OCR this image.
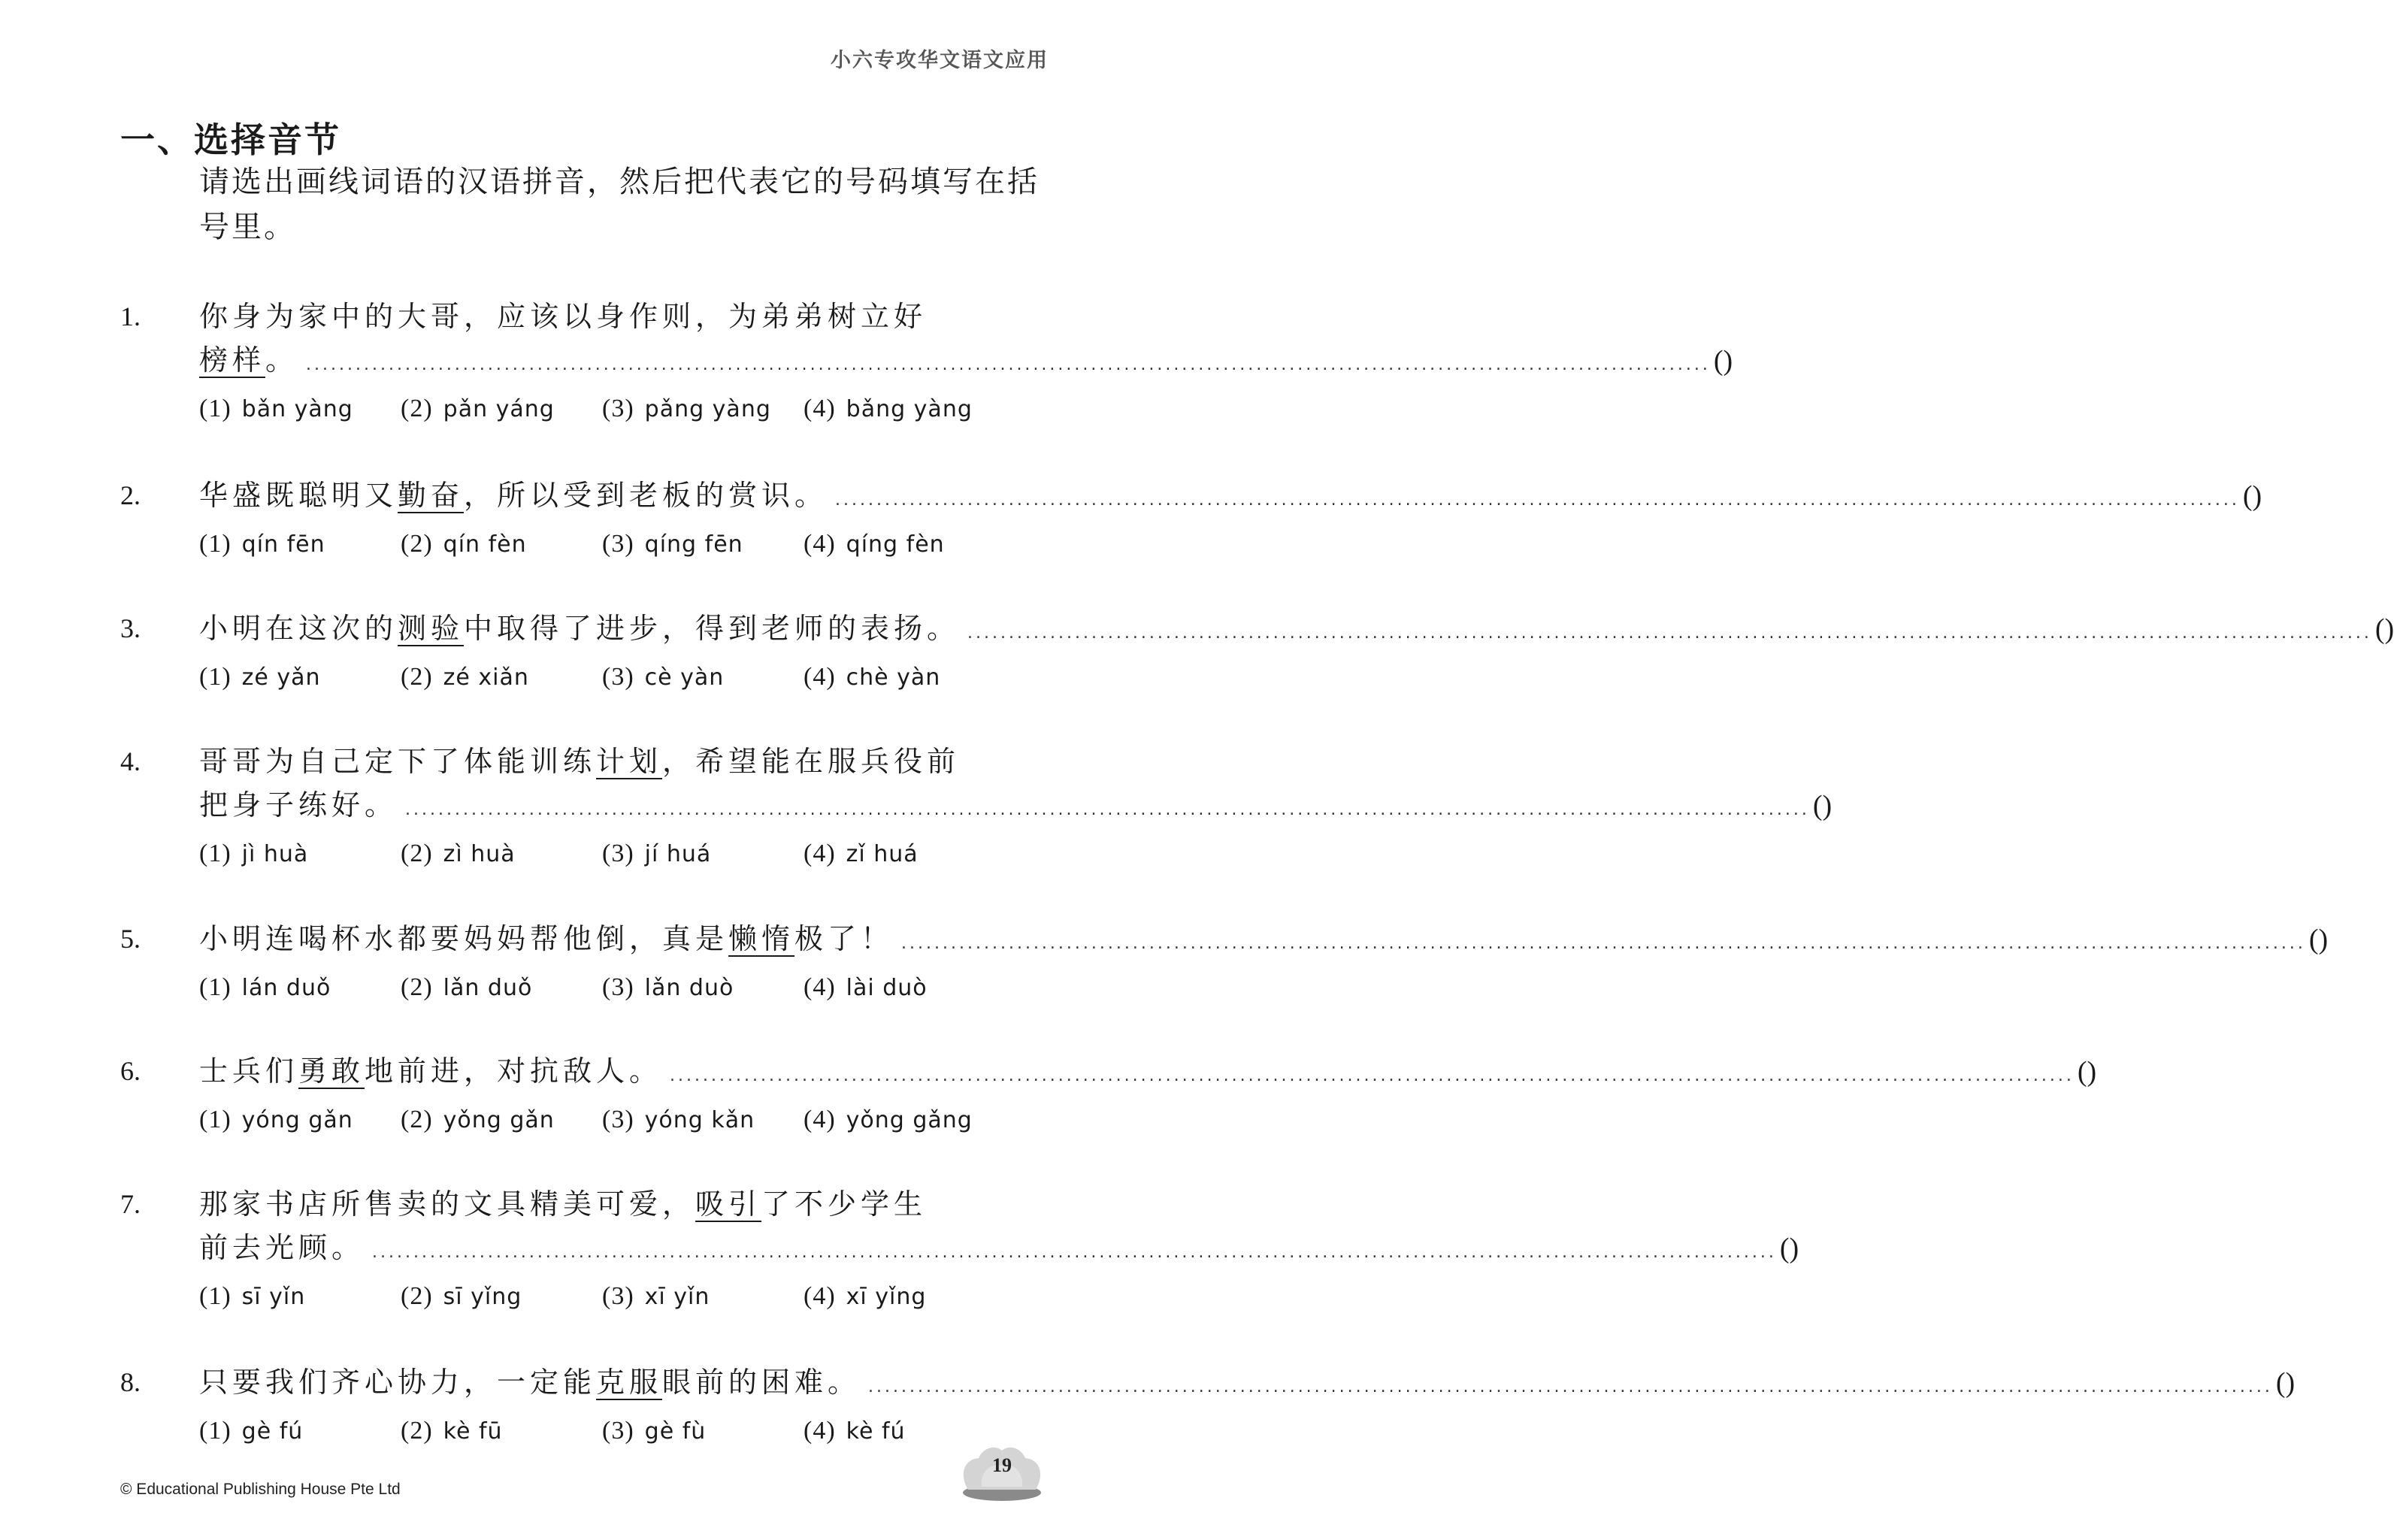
小六专攻华文语文应用
一、选择音节
请选出画线词语的汉语拼音，然后把代表它的号码填写在括号里。
1.	你身为家中的大哥，应该以身作则，为弟弟树立好
榜样 。 .......................................................................................................................................................................... ( )
(1) bǎn yàng	(2) pǎn yáng	(3) pǎng yàng	(4) bǎng yàng
2.	华盛既聪明又 勤奋 ，所以受到老板的赏识。 .......................................................................................................................................................................... ( )
(1) qín fēn	(2) qín fèn	(3) qíng fēn	(4) qíng fèn
3.	小明在这次的 测验 中取得了进步，得到老师的表扬。 .......................................................................................................................................................................... ( )
(1) zé yǎn	(2) zé xiǎn	(3) cè yàn	(4) chè yàn
4.	哥哥为自己定下了体能训练 计划 ，希望能在服兵役前
把身子练好。 .......................................................................................................................................................................... ( )
(1) jì huà	(2) zì huà	(3) jí huá	(4) zǐ huá
5.	小明连喝杯水都要妈妈帮他倒，真是 懒惰 极了！ .......................................................................................................................................................................... ( )
(1) lán duǒ	(2) lǎn duǒ	(3) lǎn duò	(4) lài duò
6.	士兵们 勇敢 地前进，对抗敌人。 .......................................................................................................................................................................... ( )
(1) yóng gǎn	(2) yǒng gǎn	(3) yóng kǎn	(4) yǒng gǎng
7.	那家书店所售卖的文具精美可爱， 吸引 了不少学生
前去光顾。 .......................................................................................................................................................................... ( )
(1) sī yǐn	(2) sī yǐng	(3) xī yǐn	(4) xī yǐng
8.	只要我们齐心协力，一定能 克服 眼前的困难。 .......................................................................................................................................................................... ( )
(1) gè fú	(2) kè fū	(3) gè fù	(4) kè fú
© Educational Publishing House Pte Ltd
19
